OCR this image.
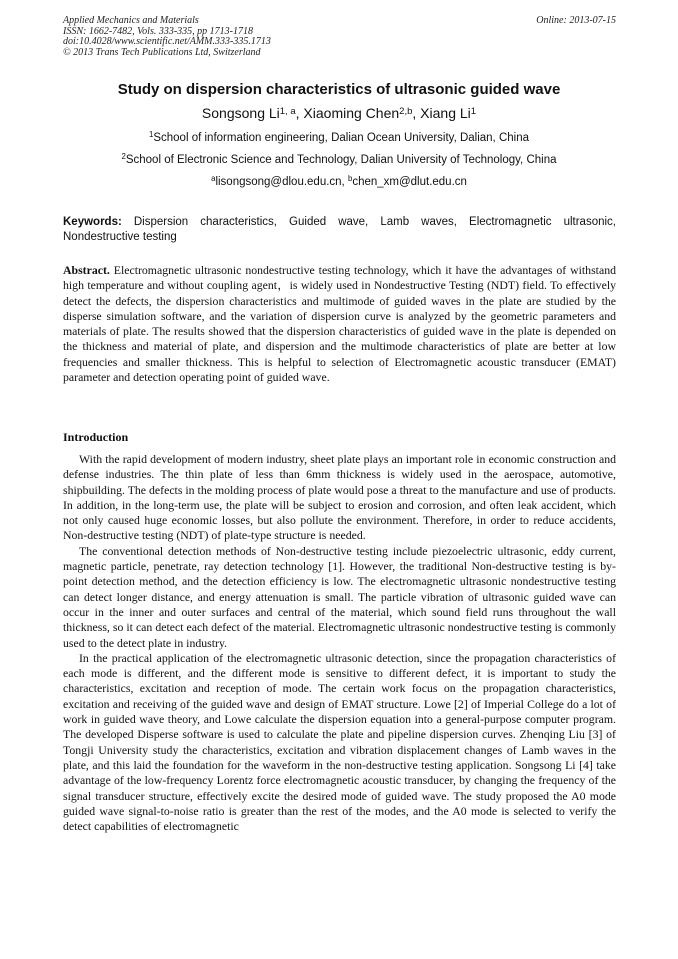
Applied Mechanics and Materials	Online: 2013-07-15
ISSN: 1662-7482, Vols. 333-335, pp 1713-1718
doi:10.4028/www.scientific.net/AMM.333-335.1713
© 2013 Trans Tech Publications Ltd, Switzerland
Study on dispersion characteristics of ultrasonic guided wave
Songsong Li$^{1, a}$, Xiaoming Chen$^{2,b}$, Xiang Li$^1$
$^1$School of information engineering, Dalian Ocean University, Dalian, China
$^2$School of Electronic Science and Technology, Dalian University of Technology, China
$^a$lisongsong@dlou.edu.cn, $^b$chen_xm@dlut.edu.cn
Keywords: Dispersion characteristics, Guided wave, Lamb waves, Electromagnetic ultrasonic, Nondestructive testing
Abstract. Electromagnetic ultrasonic nondestructive testing technology, which it have the advantages of withstand high temperature and without coupling agent，is widely used in Nondestructive Testing (NDT) field. To effectively detect the defects, the dispersion characteristics and multimode of guided waves in the plate are studied by the disperse simulation software, and the variation of dispersion curve is analyzed by the geometric parameters and materials of plate. The results showed that the dispersion characteristics of guided wave in the plate is depended on the thickness and material of plate, and dispersion and the multimode characteristics of plate are better at low frequencies and smaller thickness. This is helpful to selection of Electromagnetic acoustic transducer (EMAT) parameter and detection operating point of guided wave.
Introduction

With the rapid development of modern industry, sheet plate plays an important role in economic construction and defense industries. The thin plate of less than 6mm thickness is widely used in the aerospace, automotive, shipbuilding. The defects in the molding process of plate would pose a threat to the manufacture and use of products. In addition, in the long-term use, the plate will be subject to erosion and corrosion, and often leak accident, which not only caused huge economic losses, but also pollute the environment. Therefore, in order to reduce accidents, Non-destructive testing (NDT) of plate-type structure is needed.

The conventional detection methods of Non-destructive testing include piezoelectric ultrasonic, eddy current, magnetic particle, penetrate, ray detection technology [1]. However, the traditional Non-destructive testing is by-point detection method, and the detection efficiency is low. The electromagnetic ultrasonic nondestructive testing can detect longer distance, and energy attenuation is small. The particle vibration of ultrasonic guided wave can occur in the inner and outer surfaces and central of the material, which sound field runs throughout the wall thickness, so it can detect each defect of the material. Electromagnetic ultrasonic nondestructive testing is commonly used to the detect plate in industry.

In the practical application of the electromagnetic ultrasonic detection, since the propagation characteristics of each mode is different, and the different mode is sensitive to different defect, it is important to study the characteristics, excitation and reception of mode. The certain work focus on the propagation characteristics, excitation and receiving of the guided wave and design of EMAT structure. Lowe [2] of Imperial College do a lot of work in guided wave theory, and Lowe calculate the dispersion equation into a general-purpose computer program. The developed Disperse software is used to calculate the plate and pipeline dispersion curves. Zhenqing Liu [3] of Tongji University study the characteristics, excitation and vibration displacement changes of Lamb waves in the plate, and this laid the foundation for the waveform in the non-destructive testing application. Songsong Li [4] take advantage of the low-frequency Lorentz force electromagnetic acoustic transducer, by changing the frequency of the signal transducer structure, effectively excite the desired mode of guided wave. The study proposed the A0 mode guided wave signal-to-noise ratio is greater than the rest of the modes, and the A0 mode is selected to verify the detect capabilities of electromagnetic
